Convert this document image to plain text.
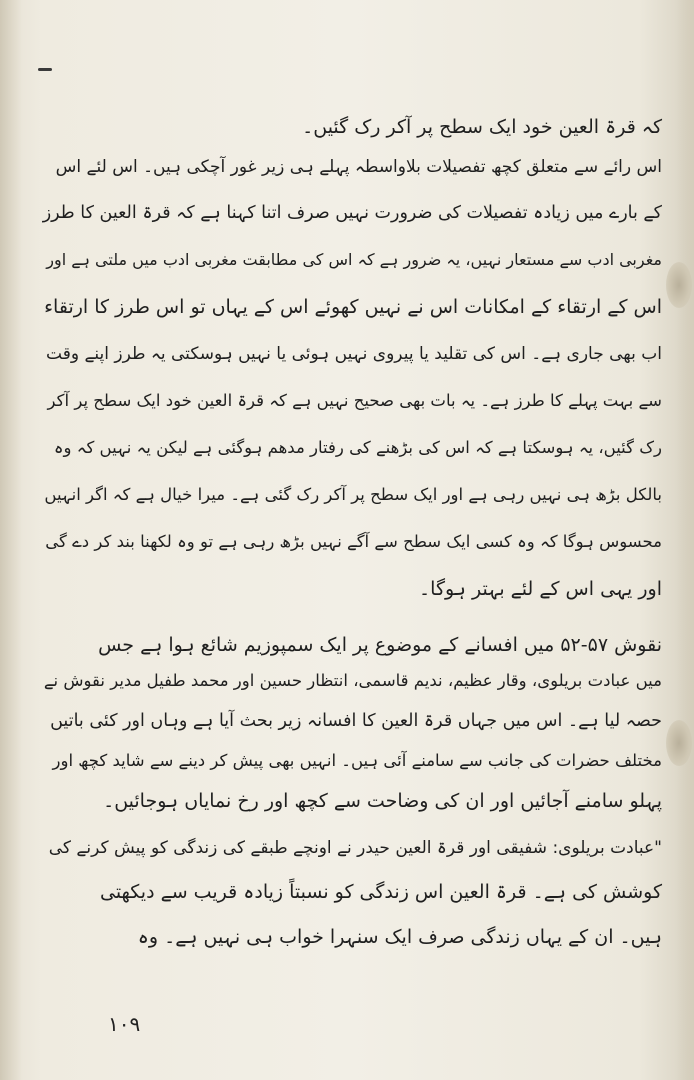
کہ قرۃ العین خود ایک سطح پر آکر رک گئیں۔
اس رائے سے متعلق کچھ تفصیلات بلاواسطہ پہلے ہی زیر غور آچکی ہیں۔ اس لئے اس
کے بارے میں زیادہ تفصیلات کی ضرورت نہیں صرف اتنا کہنا ہے کہ قرۃ العین کا طرز
مغربی ادب سے مستعار نہیں، یہ ضرور ہے کہ اس کی مطابقت مغربی ادب میں ملتی ہے اور
اس کے ارتقاء کے امکانات اس نے نہیں کھوئے اس کے یہاں تو اس طرز کا ارتقاء
اب بھی جاری ہے۔ اس کی تقلید یا پیروی نہیں ہوئی یا نہیں ہوسکتی یہ طرز اپنے وقت
سے بہت پہلے کا طرز ہے۔ یہ بات بھی صحیح نہیں ہے کہ قرۃ العین خود ایک سطح پر آکر
رک گئیں، یہ ہوسکتا ہے کہ اس کی بڑھنے کی رفتار مدھم ہوگئی ہے لیکن یہ نہیں کہ وہ
بالکل بڑھ ہی نہیں رہی ہے اور ایک سطح پر آکر رک گئی ہے۔ میرا خیال ہے کہ اگر انہیں
محسوس ہوگا کہ وہ کسی ایک سطح سے آگے نہیں بڑھ رہی ہے تو وہ لکھنا بند کر دے گی
اور یہی اس کے لئے بہتر ہوگا۔
نقوش ۵۷-۵۲ میں افسانے کے موضوع پر ایک سمپوزیم شائع ہوا ہے جس
میں عبادت بریلوی، وقار عظیم، ندیم قاسمی، انتظار حسین اور محمد طفیل مدیر نقوش نے
حصہ لیا ہے۔ اس میں جہاں قرۃ العین کا افسانہ زیر بحث آیا ہے وہاں اور کئی باتیں
مختلف حضرات کی جانب سے سامنے آئی ہیں۔ انہیں بھی پیش کر دینے سے شاید کچھ اور
پہلو سامنے آجائیں اور ان کی وضاحت سے کچھ اور رخ نمایاں ہوجائیں۔
"عبادت بریلوی: شفیقی اور قرۃ العین حیدر نے اونچے طبقے کی زندگی کو پیش کرنے کی
کوشش کی ہے۔ قرۃ العین اس زندگی کو نسبتاً زیادہ قریب سے دیکھتی
ہیں۔ ان کے یہاں زندگی صرف ایک سنہرا خواب ہی نہیں ہے۔ وہ
۱۰۹
